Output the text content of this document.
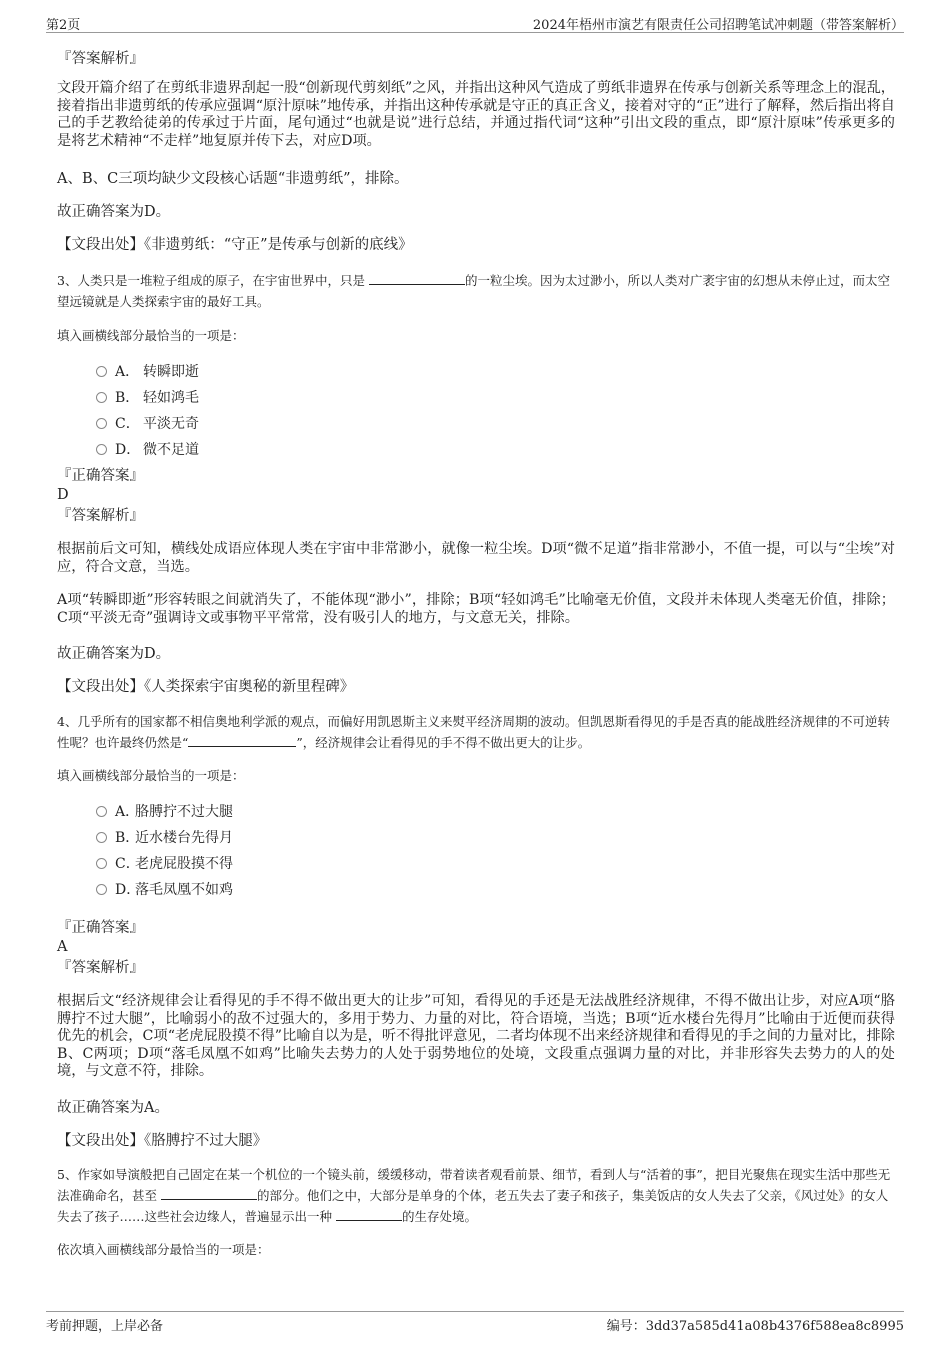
第2页	2024年梧州市演艺有限责任公司招聘笔试冲刺题（带答案解析）
『答案解析』
文段开篇介绍了在剪纸非遗界刮起一股“创新现代剪刻纸”之风，并指出这种风气造成了剪纸非遗界在传承与创新关系等理念上的混乱，接着指出非遗剪纸的传承应强调“原汁原味”地传承，并指出这种传承就是守正的真正含义，接着对守的“正”进行了解释，然后指出将自己的手艺教给徒弟的传承过于片面，尾句通过“也就是说”进行总结，并通过指代词“这种”引出文段的重点，即“原汁原味”传承更多的是将艺术精神“不走样”地复原并传下去，对应D项。
A、B、C三项均缺少文段核心话题“非遗剪纸”，排除。
故正确答案为D。
【文段出处】《非遗剪纸：“守正”是传承与创新的底线》
3、人类只是一堆粒子组成的原子，在宇宙世界中，只是	的一粒尘埃。因为太过渺小，所以人类对广袤宇宙的幻想从未停止过，而太空望远镜就是人类探索宇宙的最好工具。
填入画横线部分最恰当的一项是：
A． 转瞬即逝
B． 轻如鸿毛
C． 平淡无奇
D． 微不足道
『正确答案』
D
『答案解析』
根据前后文可知，横线处成语应体现人类在宇宙中非常渺小，就像一粒尘埃。D项“微不足道”指非常渺小，不值一提，可以与“尘埃”对应，符合文意，当选。
A项“转瞬即逝”形容转眼之间就消失了，不能体现“渺小”，排除；B项“轻如鸿毛”比喻毫无价值，文段并未体现人类毫无价值，排除；C项“平淡无奇”强调诗文或事物平平常常，没有吸引人的地方，与文意无关，排除。
故正确答案为D。
【文段出处】《人类探索宇宙奥秘的新里程碑》
4、几乎所有的国家都不相信奥地利学派的观点，而偏好用凯恩斯主义来熨平经济周期的波动。但凯恩斯看得见的手是否真的能战胜经济规律的不可逆转性呢？也许最终仍然是“	”，经济规律会让看得见的手不得不做出更大的让步。
填入画横线部分最恰当的一项是：
A．胳膊拧不过大腿
B．近水楼台先得月
C．老虎屁股摸不得
D．落毛凤凰不如鸡
『正确答案』
A
『答案解析』
根据后文“经济规律会让看得见的手不得不做出更大的让步”可知，看得见的手还是无法战胜经济规律，不得不做出让步，对应A项“胳膊拧不过大腿”，比喻弱小的敌不过强大的，多用于势力、力量的对比，符合语境，当选；B项“近水楼台先得月”比喻由于近便而获得优先的机会，C项“老虎屁股摸不得”比喻自以为是，听不得批评意见，二者均体现不出来经济规律和看得见的手之间的力量对比，排除B、C两项；D项“落毛凤凰不如鸡”比喻失去势力的人处于弱势地位的处境，文段重点强调力量的对比，并非形容失去势力的人的处境，与文意不符，排除。
故正确答案为A。
【文段出处】《胳膊拧不过大腿》
5、作家如导演般把自己固定在某一个机位的一个镜头前，缓缓移动，带着读者观看前景、细节，看到人与“活着的事”，把目光聚焦在现实生活中那些无法准确命名，甚至	的部分。他们之中，大部分是单身的个体，老五失去了妻子和孩子，集美饭店的女人失去了父亲，《风过处》的女人失去了孩子……这些社会边缘人，普遍显示出一种	的生存处境。
依次填入画横线部分最恰当的一项是：
考前押题，上岸必备	编号：3dd37a585d41a08b4376f588ea8c8995
